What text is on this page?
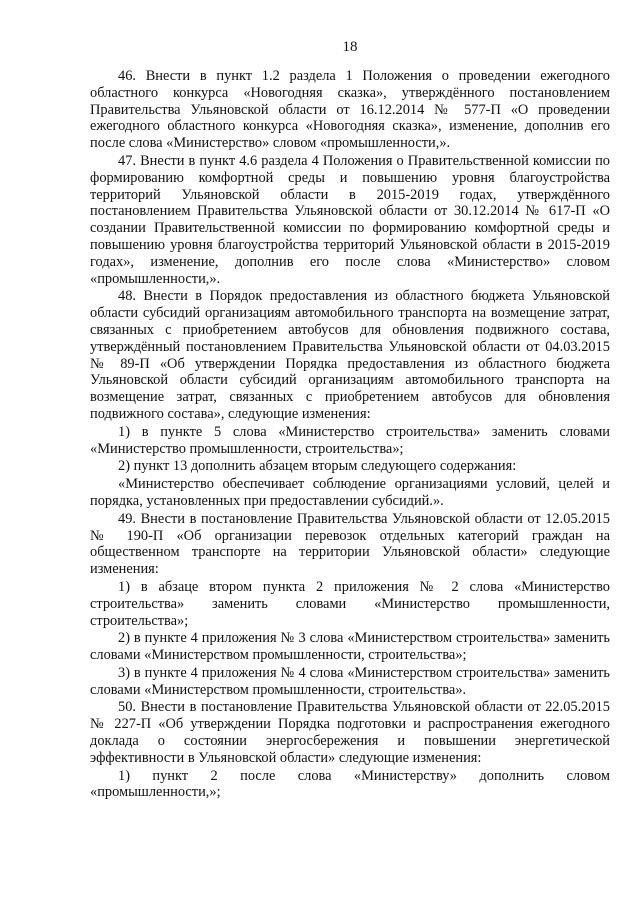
18

46. Внести в пункт 1.2 раздела 1 Положения о проведении ежегодного областного конкурса «Новогодняя сказка», утверждённого постановлением Правительства Ульяновской области от 16.12.2014 № 577-П «О проведении ежегодного областного конкурса «Новогодняя сказка», изменение, дополнив его после слова «Министерство» словом «промышленности,».

47. Внести в пункт 4.6 раздела 4 Положения о Правительственной комиссии по формированию комфортной среды и повышению уровня благоустройства территорий Ульяновской области в 2015-2019 годах, утверждённого постановлением Правительства Ульяновской области от 30.12.2014 № 617-П «О создании Правительственной комиссии по формированию комфортной среды и повышению уровня благоустройства территорий Ульяновской области в 2015-2019 годах», изменение, дополнив его после слова «Министерство» словом «промышленности,».

48. Внести в Порядок предоставления из областного бюджета Ульяновской области субсидий организациям автомобильного транспорта на возмещение затрат, связанных с приобретением автобусов для обновления подвижного состава, утверждённый постановлением Правительства Ульяновской области от 04.03.2015 № 89-П «Об утверждении Порядка предоставления из областного бюджета Ульяновской области субсидий организациям автомобильного транспорта на возмещение затрат, связанных с приобретением автобусов для обновления подвижного состава», следующие изменения:

1) в пункте 5 слова «Министерство строительства» заменить словами «Министерство промышленности, строительства»;

2) пункт 13 дополнить абзацем вторым следующего содержания:

«Министерство обеспечивает соблюдение организациями условий, целей и порядка, установленных при предоставлении субсидий.».

49. Внести в постановление Правительства Ульяновской области от 12.05.2015 № 190-П «Об организации перевозок отдельных категорий граждан на общественном транспорте на территории Ульяновской области» следующие изменения:

1) в абзаце втором пункта 2 приложения № 2 слова «Министерство строительства» заменить словами «Министерство промышленности, строительства»;

2) в пункте 4 приложения № 3 слова «Министерством строительства» заменить словами «Министерством промышленности, строительства»;

3) в пункте 4 приложения № 4 слова «Министерством строительства» заменить словами «Министерством промышленности, строительства».

50. Внести в постановление Правительства Ульяновской области от 22.05.2015 № 227-П «Об утверждении Порядка подготовки и распространения ежегодного доклада о состоянии энергосбережения и повышении энергетической эффективности в Ульяновской области» следующие изменения:

1) пункт 2 после слова «Министерству» дополнить словом «промышленности,»;
